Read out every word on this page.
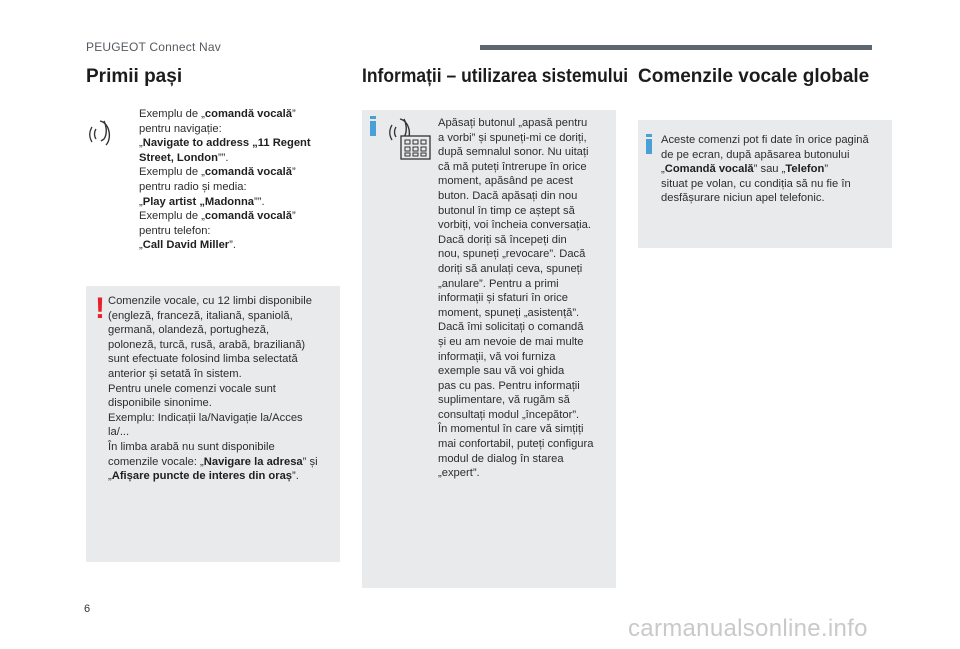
PEUGEOT Connect Nav
Primii pași
Exemplu de „comandă vocală”
pentru navigație:
„Navigate to address „11 Regent
Street, London””.
Exemplu de „comandă vocală”
pentru radio și media:
„Play artist „Madonna””.
Exemplu de „comandă vocală”
pentru telefon:
„Call David Miller”.
! Comenzile vocale, cu 12 limbi disponibile
(engleză, franceză, italiană, spaniolă,
germană, olandeză, portugheză,
poloneză, turcă, rusă, arabă, braziliană)
sunt efectuate folosind limba selectată
anterior și setată în sistem.
Pentru unele comenzi vocale sunt
disponibile sinonime.
Exemplu: Indicații la/Navigație la/Acces
la/...
În limba arabă nu sunt disponibile
comenzile vocale: „Navigare la adresa” și
„Afișare puncte de interes din oraș”.
Informații – utilizarea sistemului
Apăsați butonul „apasă pentru
a vorbi” și spuneți-mi ce doriți,
după semnalul sonor. Nu uitați
că mă puteți întrerupe în orice
moment, apăsând pe acest
buton. Dacă apăsați din nou
butonul în timp ce aștept să
vorbiți, voi încheia conversația.
Dacă doriți să începeți din
nou, spuneți „revocare”. Dacă
doriți să anulați ceva, spuneți
„anulare”. Pentru a primi
informații și sfaturi în orice
moment, spuneți „asistență”.
Dacă îmi solicitați o comandă
și eu am nevoie de mai multe
informații, vă voi furniza
exemple sau vă voi ghida
pas cu pas. Pentru informații
suplimentare, vă rugăm să
consultați modul „începător”.
În momentul în care vă simțiți
mai confortabil, puteți configura
modul de dialog în starea
„expert”.
Comenzile vocale globale
Aceste comenzi pot fi date în orice pagină
de pe ecran, după apăsarea butonului
„Comandă vocală” sau „Telefon”
situat pe volan, cu condiția să nu fie în
desfășurare niciun apel telefonic.
6
carmanualsonline.info
